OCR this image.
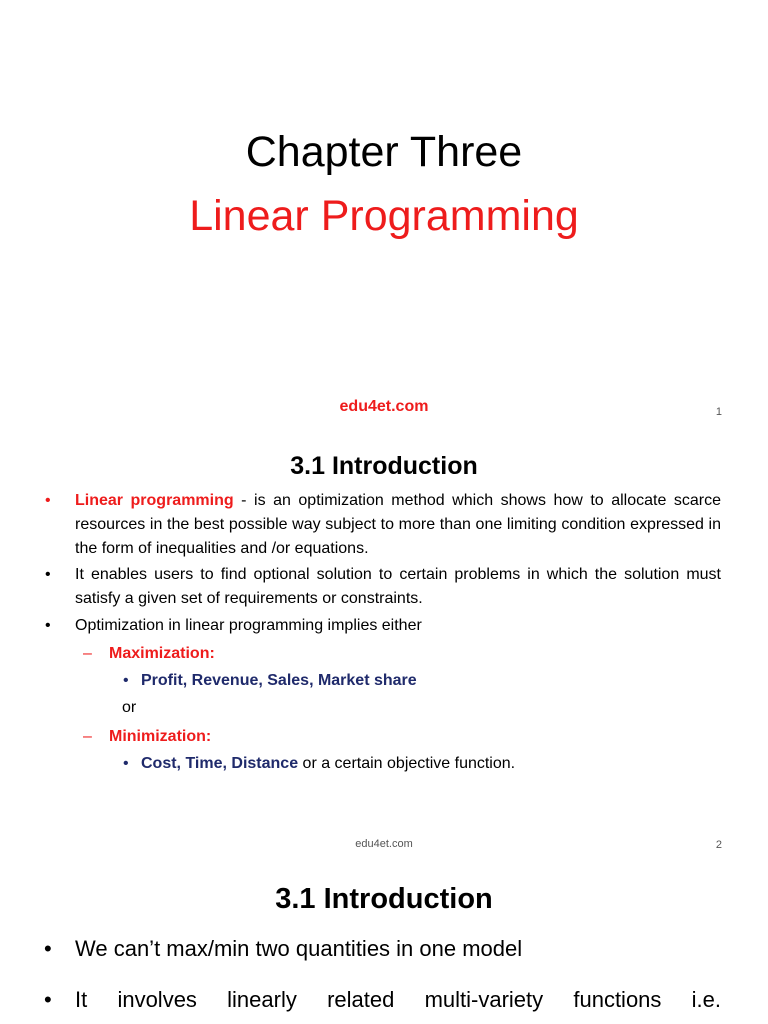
Chapter Three
Linear Programming
edu4et.com	1
3.1 Introduction
• Linear programming - is an optimization method which shows how to allocate scarce resources in the best possible way subject to more than one limiting condition expressed in the form of inequalities and /or equations.
• It enables users to find optional solution to certain problems in which the solution must satisfy a given set of requirements or constraints.
• Optimization in linear programming implies either
– Maximization:
• Profit, Revenue, Sales, Market share
or
– Minimization:
• Cost, Time, Distance or a certain objective function.
edu4et.com	2
3.1 Introduction
• We can’t max/min two quantities in one model
• It involves linearly related multi-variety functions i.e.
